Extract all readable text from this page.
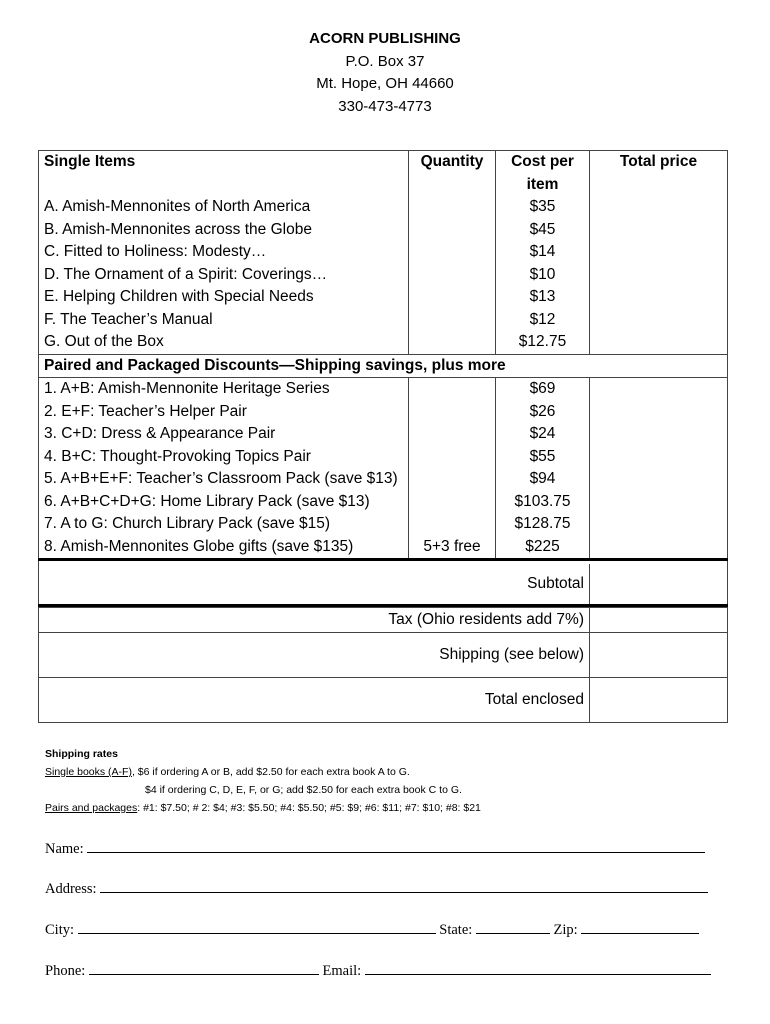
ACORN PUBLISHING
P.O. Box 37
Mt. Hope, OH 44660
330-473-4773
Single Items	Quantity	Cost per	Total price
		item	
A. Amish-Mennonites of North America		$35	
B. Amish-Mennonites across the Globe		$45	
C. Fitted to Holiness: Modesty…		$14	
D. The Ornament of a Spirit: Coverings…		$10	
E. Helping Children with Special Needs		$13	
F. The Teacher’s Manual		$12	
G. Out of the Box		$12.75	
Paired and Packaged Discounts—Shipping savings, plus more			
1. A+B: Amish-Mennonite Heritage Series		$69	
2. E+F: Teacher’s Helper Pair		$26	
3. C+D: Dress & Appearance Pair		$24	
4. B+C: Thought-Provoking Topics Pair		$55	
5. A+B+E+F: Teacher’s Classroom Pack (save $13)		$94	
6. A+B+C+D+G: Home Library Pack (save $13)		$103.75	
7. A to G: Church Library Pack (save $15)		$128.75	
8. Amish-Mennonites Globe gifts (save $135)	5+3 free	$225	

Subtotal			

Tax (Ohio residents add 7%)			
Shipping (see below)			
Total enclosed			
Shipping rates
Single books (A-F), $6 if ordering A or B, add $2.50 for each extra book A to G.
$4 if ordering C, D, E, F, or G; add $2.50 for each extra book C to G.
Pairs and packages: #1: $7.50; # 2: $4; #3: $5.50; #4: $5.50; #5: $9; #6: $11; #7: $10; #8: $21
Name:
Address:
City:	State:	Zip:
Phone:	Email:
